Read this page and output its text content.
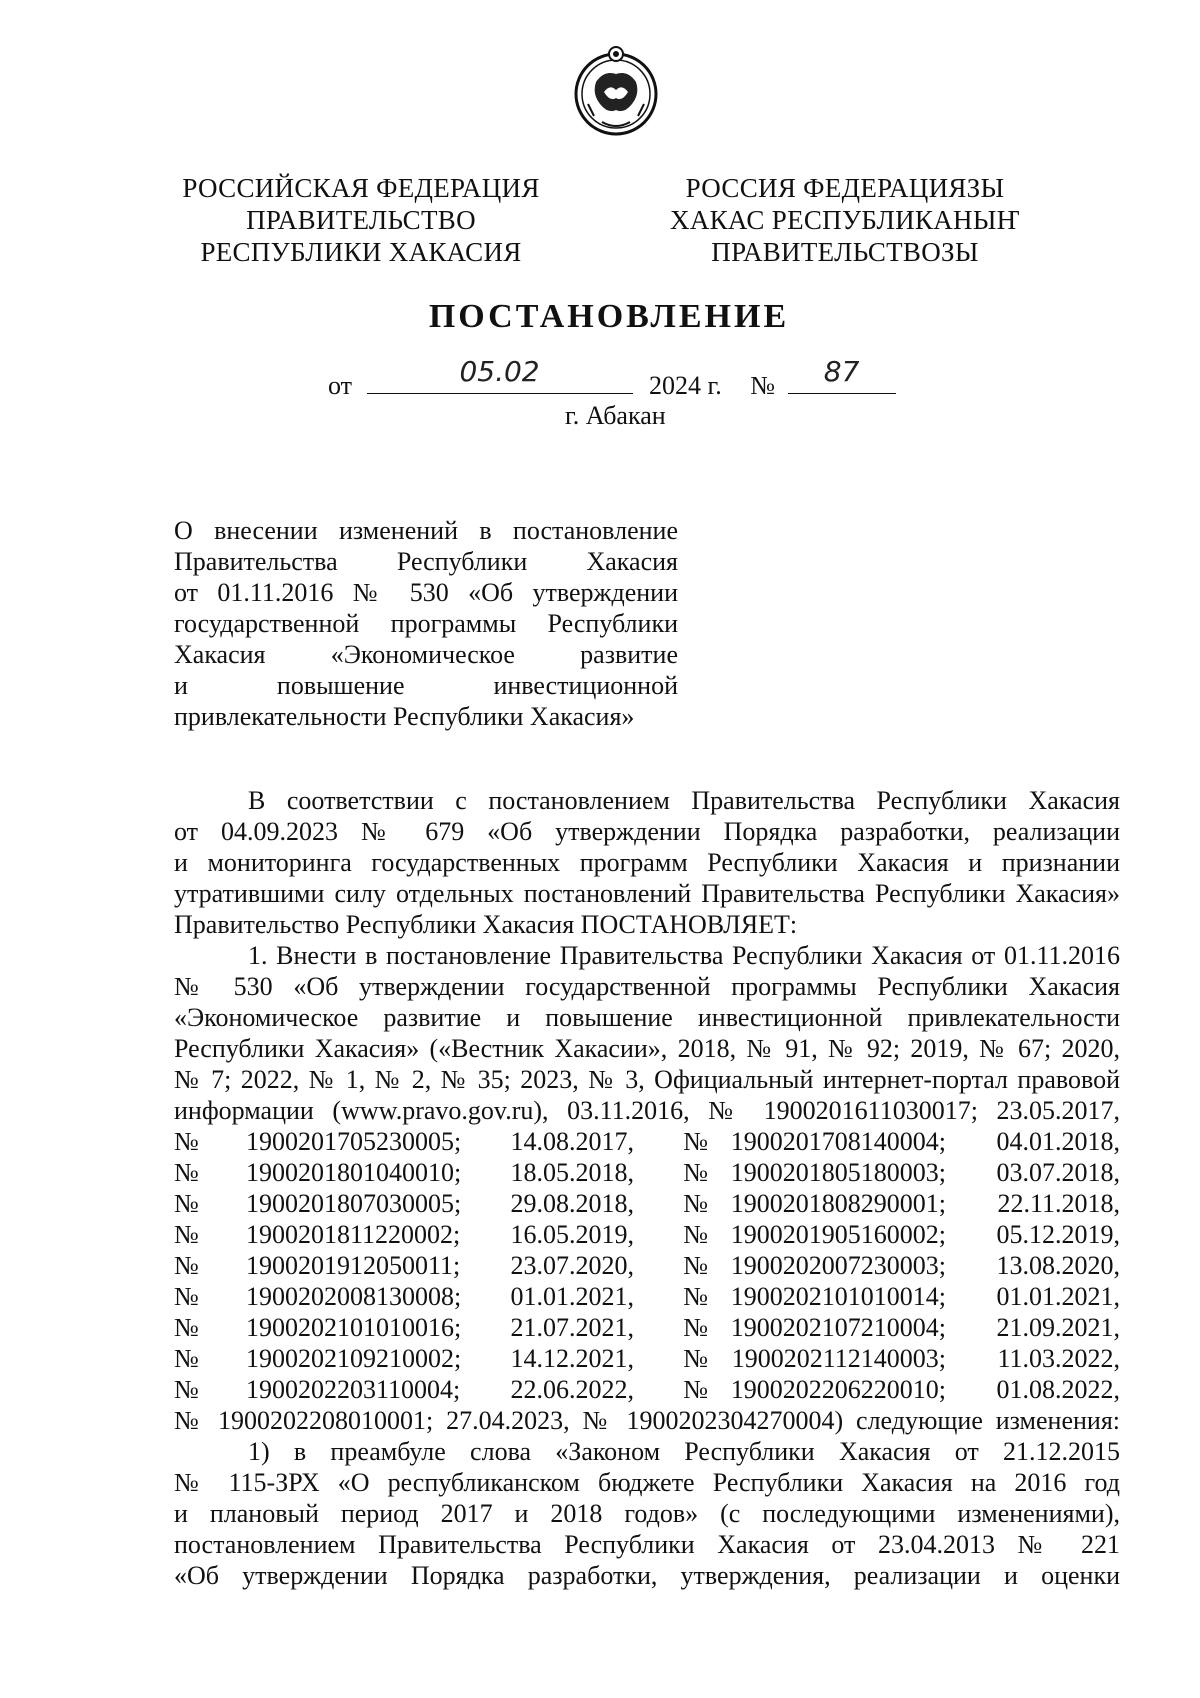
РОССИЙСКАЯ ФЕДЕРАЦИЯ
ПРАВИТЕЛЬСТВО
РЕСПУБЛИКИ ХАКАСИЯ
РОССИЯ ФЕДЕРАЦИЯЗЫ
ХАКАС РЕСПУБЛИКАНЫҤ
ПРАВИТЕЛЬСТВОЗЫ
ПОСТАНОВЛЕНИЕ
от	05.02	2024 г. №	87
г. Абакан
О внесении изменений в постановление
Правительства Республики Хакасия
от 01.11.2016 № 530 «Об утверждении
государственной программы Республики
Хакасия «Экономическое развитие
и повышение инвестиционной
привлекательности Республики Хакасия»
В соответствии с постановлением Правительства Республики Хакасия
от 04.09.2023 № 679 «Об утверждении Порядка разработки, реализации
и мониторинга государственных программ Республики Хакасия и признании
утратившими силу отдельных постановлений Правительства Республики Хакасия»
Правительство Республики Хакасия ПОСТАНОВЛЯЕТ:
1. Внести в постановление Правительства Республики Хакасия от 01.11.2016
№ 530 «Об утверждении государственной программы Республики Хакасия
«Экономическое развитие и повышение инвестиционной привлекательности
Республики Хакасия» («Вестник Хакасии», 2018, № 91, № 92; 2019, № 67; 2020,
№ 7; 2022, № 1, № 2, № 35; 2023, № 3, Официальный интернет-портал правовой
информации (www.pravo.gov.ru), 03.11.2016, № 1900201611030017; 23.05.2017,
№	1900201705230005;	14.08.2017,	№ 1900201708140004;	04.01.2018,
№	1900201801040010;	18.05.2018,	№ 1900201805180003;	03.07.2018,
№	1900201807030005;	29.08.2018,	№ 1900201808290001;	22.11.2018,
№	1900201811220002;	16.05.2019,	№ 1900201905160002;	05.12.2019,
№	1900201912050011;	23.07.2020,	№ 1900202007230003;	13.08.2020,
№	1900202008130008;	01.01.2021,	№ 1900202101010014;	01.01.2021,
№	1900202101010016;	21.07.2021,	№ 1900202107210004;	21.09.2021,
№	1900202109210002;	14.12.2021,	№ 1900202112140003;	11.03.2022,
№	1900202203110004;	22.06.2022,	№ 1900202206220010;	01.08.2022,
№ 1900202208010001; 27.04.2023, № 1900202304270004) следующие изменения:
1) в преамбуле слова «Законом Республики Хакасия от 21.12.2015
№ 115-ЗРХ «О республиканском бюджете Республики Хакасия на 2016 год
и плановый период 2017 и 2018 годов» (с последующими изменениями),
постановлением Правительства Республики Хакасия от 23.04.2013 № 221
«Об утверждении Порядка разработки, утверждения, реализации и оценки
